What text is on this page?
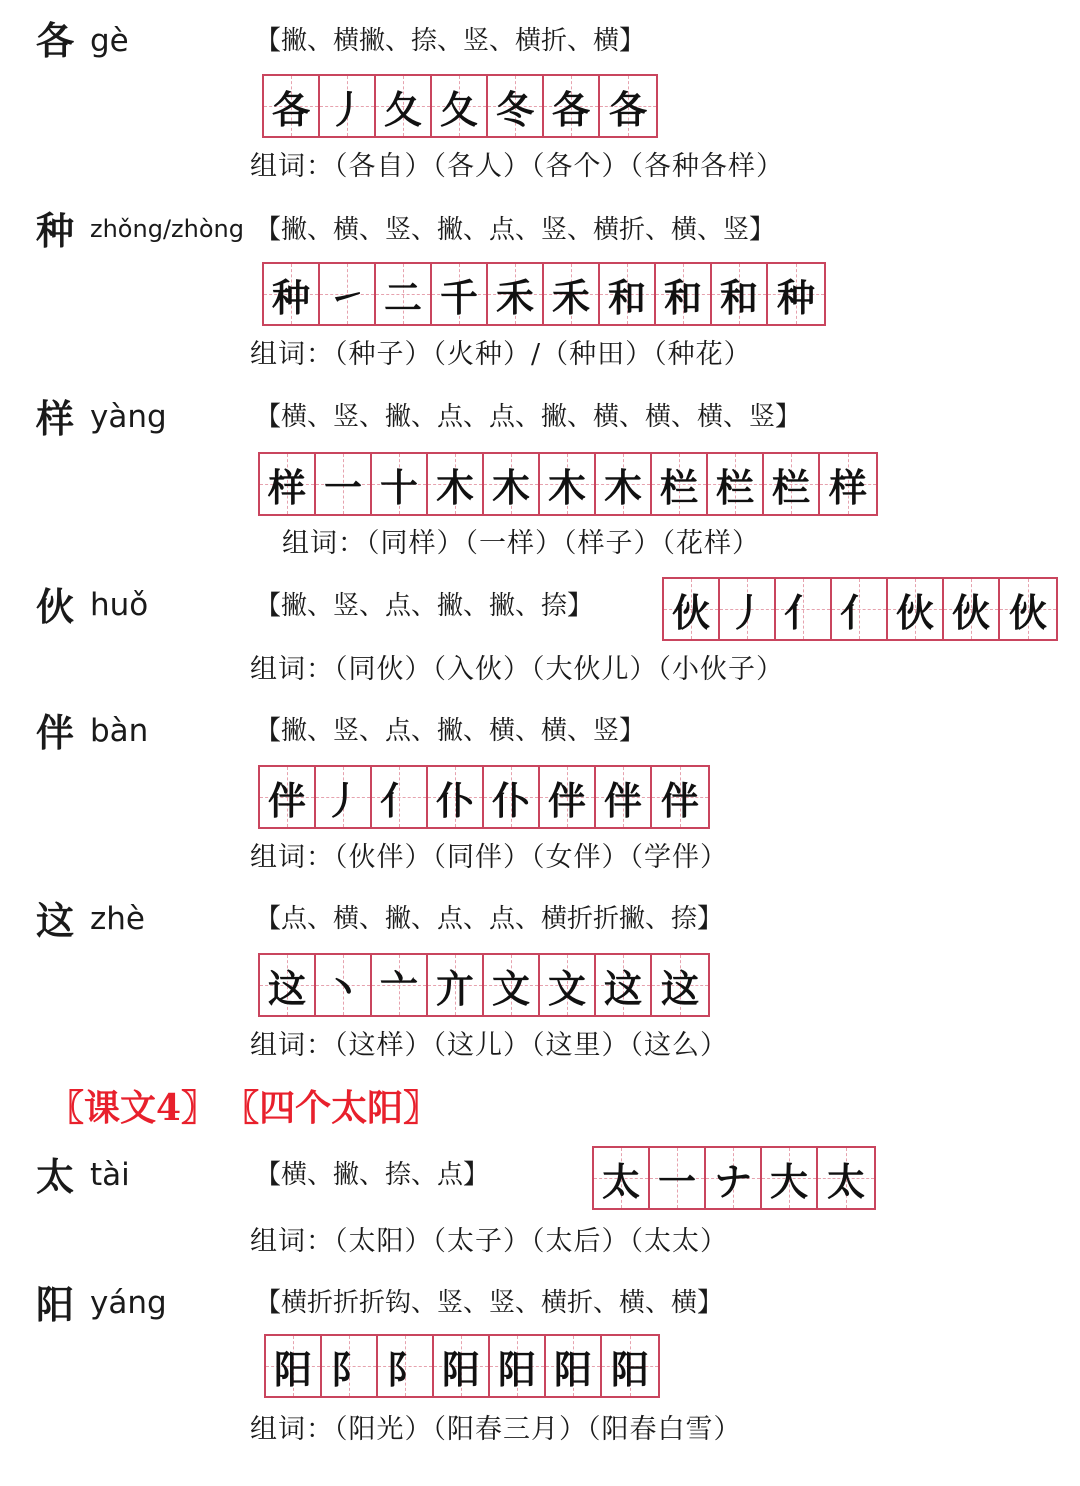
各 gè	【撇、横撇、捺、竖、横折、横】
各 丿 夂 夂 冬 各 各
组词：（各自）（各人）（各个）（各种各样）
种 zhǒng/zhòng 【撇、横、竖、撇、点、竖、横折、横、竖】
种 ㇀ 二 千 禾 禾 和 和 和 种
组词：（种子）（火种）/（种田）（种花）
样 yàng	【横、竖、撇、点、点、撇、横、横、横、竖】
样 一 十 木 木 木 木 栏 栏 栏 样
组词：（同样）（一样）（样子）（花样）
伙 huǒ	【撇、竖、点、撇、撇、捺】 伙 丿 亻 亻 伙 伙 伙
组词：（同伙）（入伙）（大伙儿）（小伙子）
伴 bàn	【撇、竖、点、撇、横、横、竖】
伴 丿 亻 仆 仆 伴 伴 伴
组词：（伙伴）（同伴）（女伴）（学伴）
这 zhè	【点、横、撇、点、点、横折折撇、捺】
这 丶 亠 亣 文 文 这 这
组词：（这样）（这儿）（这里）（这么）
〖课文4〗 〖四个太阳〗
太 tài	【横、撇、捺、点】	太 一 ナ 大 太
组词：（太阳）（太子）（太后）（太太）
阳 yáng	【横折折折钩、竖、竖、横折、横、横】
阳 阝 阝 阳 阳 阳 阳
组词：（阳光）（阳春三月）（阳春白雪）
